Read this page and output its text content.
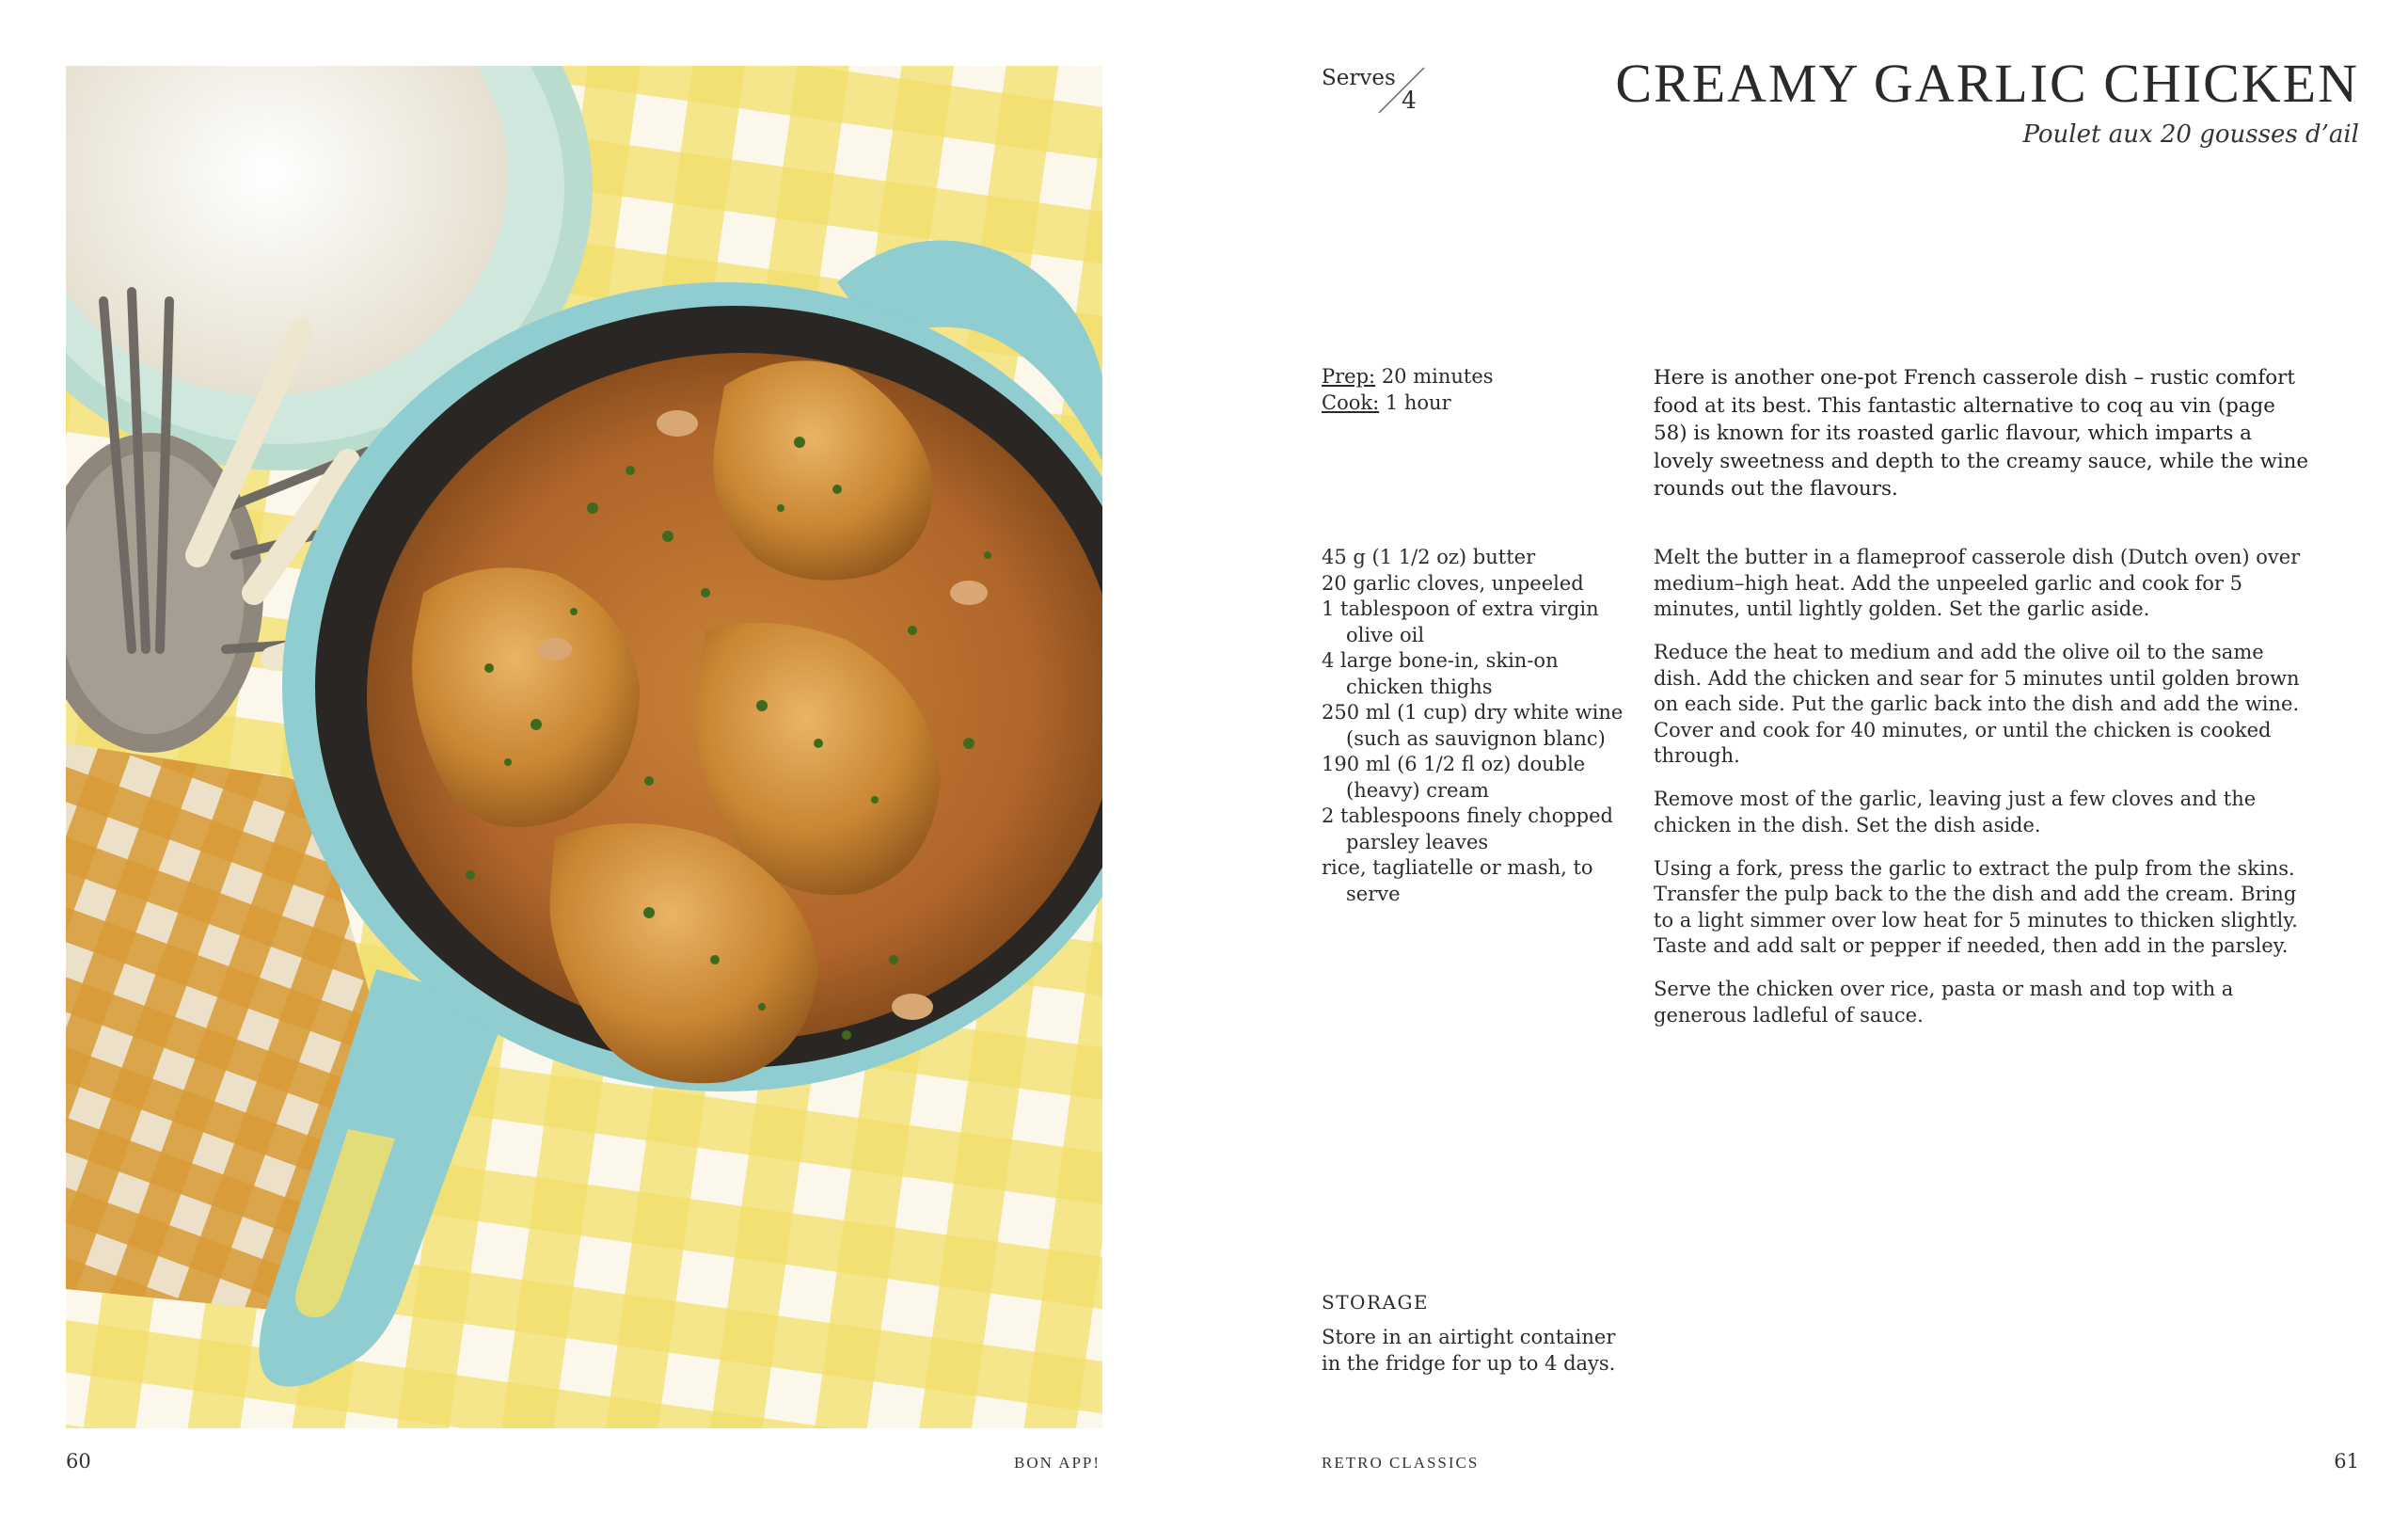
60	BON APP!
Serves
4	CREAMY GARLIC CHICKEN
Poulet aux 20 gousses d’ail
Prep: 20 minutes
Cook: 1 hour
Here is another one-pot French casserole dish – rustic comfort food at its best. This fantastic alternative to coq au vin (page 58) is known for its roasted garlic flavour, which imparts a lovely sweetness and depth to the creamy sauce, while the wine rounds out the flavours.
45 g (1 1/2 oz) butter
20 garlic cloves, unpeeled
1 tablespoon of extra virgin olive oil
4 large bone-in, skin-on chicken thighs
250 ml (1 cup) dry white wine (such as sauvignon blanc)
190 ml (6 1/2 fl oz) double (heavy) cream
2 tablespoons finely chopped parsley leaves
rice, tagliatelle or mash, to serve

Melt the butter in a flameproof casserole dish (Dutch oven) over medium–high heat. Add the unpeeled garlic and cook for 5 minutes, until lightly golden. Set the garlic aside.

Reduce the heat to medium and add the olive oil to the same dish. Add the chicken and sear for 5 minutes until golden brown on each side. Put the garlic back into the dish and add the wine. Cover and cook for 40 minutes, or until the chicken is cooked through.

Remove most of the garlic, leaving just a few cloves and the chicken in the dish. Set the dish aside.

Using a fork, press the garlic to extract the pulp from the skins. Transfer the pulp back to the the dish and add the cream. Bring to a light simmer over low heat for 5 minutes to thicken slightly. Taste and add salt or pepper if needed, then add in the parsley.

Serve the chicken over rice, pasta or mash and top with a generous ladleful of sauce.

STORAGE
Store in an airtight container in the fridge for up to 4 days.
RETRO CLASSICS	61
